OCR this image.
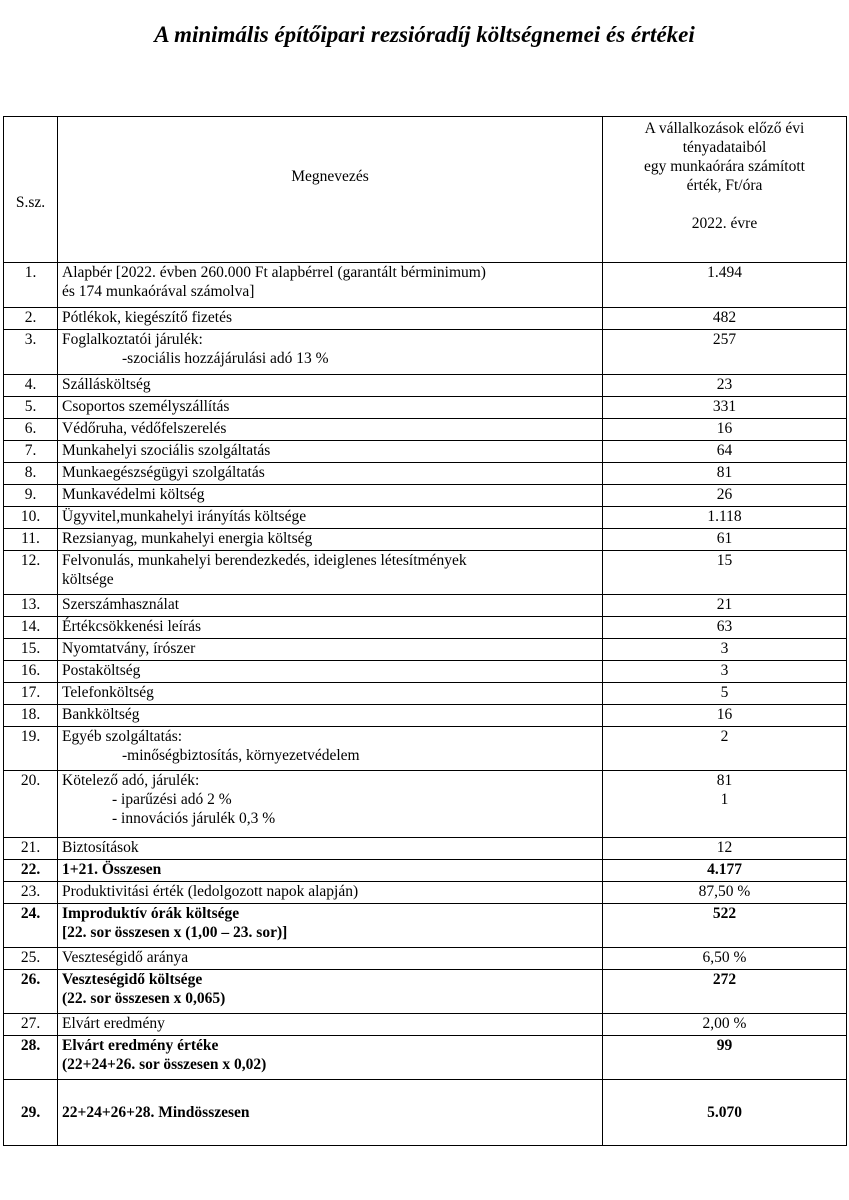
A minimális építőipari rezsióradíj költségnemei és értékei
S.sz.	Megnevezés	A vállalkozások előző évi
tényadataiból
egy munkaórára számított
érték, Ft/óra
2022. évre

1.	Alapbér [2022. évben 260.000 Ft alapbérrel (garantált bérminimum)
és 174 munkaórával számolva]	1.494

2.	Pótlékok, kiegészítő fizetés	482

3.	Foglalkoztatói járulék:
-szociális hozzájárulási adó 13 %	257

4.	Szállásköltség	23

5.	Csoportos személyszállítás	331

6.	Védőruha, védőfelszerelés	16

7.	Munkahelyi szociális szolgáltatás	64

8.	Munkaegészségügyi szolgáltatás	81

9.	Munkavédelmi költség	26

10.	Ügyvitel,munkahelyi irányítás költsége	1.118

11.	Rezsianyag, munkahelyi energia költség	61

12.	Felvonulás, munkahelyi berendezkedés, ideiglenes létesítmények
költsége	15

13.	Szerszámhasználat	21

14.	Értékcsökkenési leírás	63

15.	Nyomtatvány, írószer	3

16.	Postaköltség	3

17.	Telefonköltség	5

18.	Bankköltség	16

19.	Egyéb szolgáltatás:
-minőségbiztosítás, környezetvédelem	2

20.	Kötelező adó, járulék:
- iparűzési adó 2 %
- innovációs járulék 0,3 %	81
1

21.	Biztosítások	12

22.	1+21. Összesen	4.177

23.	Produktivitási érték (ledolgozott napok alapján)	87,50 %

24.	Improduktív órák költsége
[22. sor összesen x (1,00 – 23. sor)]	522

25.	Veszteségidő aránya	6,50 %

26.	Veszteségidő költsége
(22. sor összesen x 0,065)	272

27.	Elvárt eredmény	2,00 %

28.	Elvárt eredmény értéke
(22+24+26. sor összesen x 0,02)	99

29.	22+24+26+28. Mindösszesen	5.070
